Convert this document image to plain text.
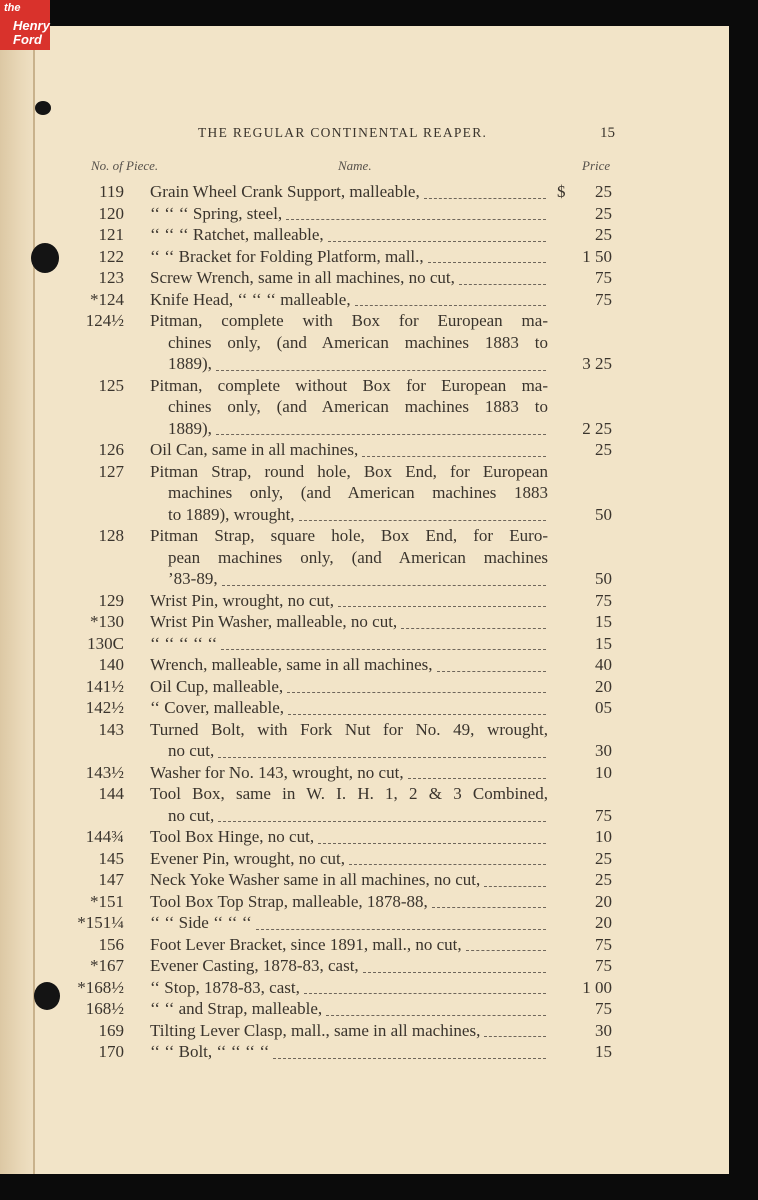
THE REGULAR CONTINENTAL REAPER.	15
No. of Piece.	Name.	Price
119 Grain Wheel Crank Support, malleable,	$	25
120 ‘‘ ‘‘ ‘‘ Spring, steel,	25
121 ‘‘ ‘‘ ‘‘ Ratchet, malleable,	25
122 ‘‘ ‘‘ Bracket for Folding Platform, mall.,	1 50
123 Screw Wrench, same in all machines, no cut,	75
*124 Knife Head, ‘‘ ‘‘ ‘‘ malleable,	75
124½ Pitman, complete with Box for European ma-
chines only, (and American machines 1883 to
1889),	3 25
125 Pitman, complete without Box for European ma-
chines only, (and American machines 1883 to
1889),	2 25
126 Oil Can, same in all machines,	25
127 Pitman Strap, round hole, Box End, for European
machines only, (and American machines 1883
to 1889), wrought,	50
128 Pitman Strap, square hole, Box End, for Euro-
pean machines only, (and American machines
’83-89,	50
129 Wrist Pin, wrought, no cut,	75
*130 Wrist Pin Washer, malleable, no cut,	15
130C ‘‘ ‘‘ ‘‘ ‘‘ ‘‘	15
140 Wrench, malleable, same in all machines,	40
141½ Oil Cup, malleable,	20
142½ ‘‘ Cover, malleable,	05
143 Turned Bolt, with Fork Nut for No. 49, wrought,
no cut,	30
143½ Washer for No. 143, wrought, no cut,	10
144 Tool Box, same in W. I. H. 1, 2 & 3 Combined,
no cut,	75
144¾ Tool Box Hinge, no cut,	10
145 Evener Pin, wrought, no cut,	25
147 Neck Yoke Washer same in all machines, no cut,	25
*151 Tool Box Top Strap, malleable, 1878-88,	20
*151¼ ‘‘ ‘‘ Side ‘‘ ‘‘ ‘‘	20
156 Foot Lever Bracket, since 1891, mall., no cut,	75
*167 Evener Casting, 1878-83, cast,	75
*168½ ‘‘ Stop, 1878-83, cast,	1 00
168½ ‘‘ ‘‘ and Strap, malleable,	75
169 Tilting Lever Clasp, mall., same in all machines,	30
170 ‘‘ ‘‘ Bolt, ‘‘ ‘‘ ‘‘ ‘‘	15
the
Henry
Ford
